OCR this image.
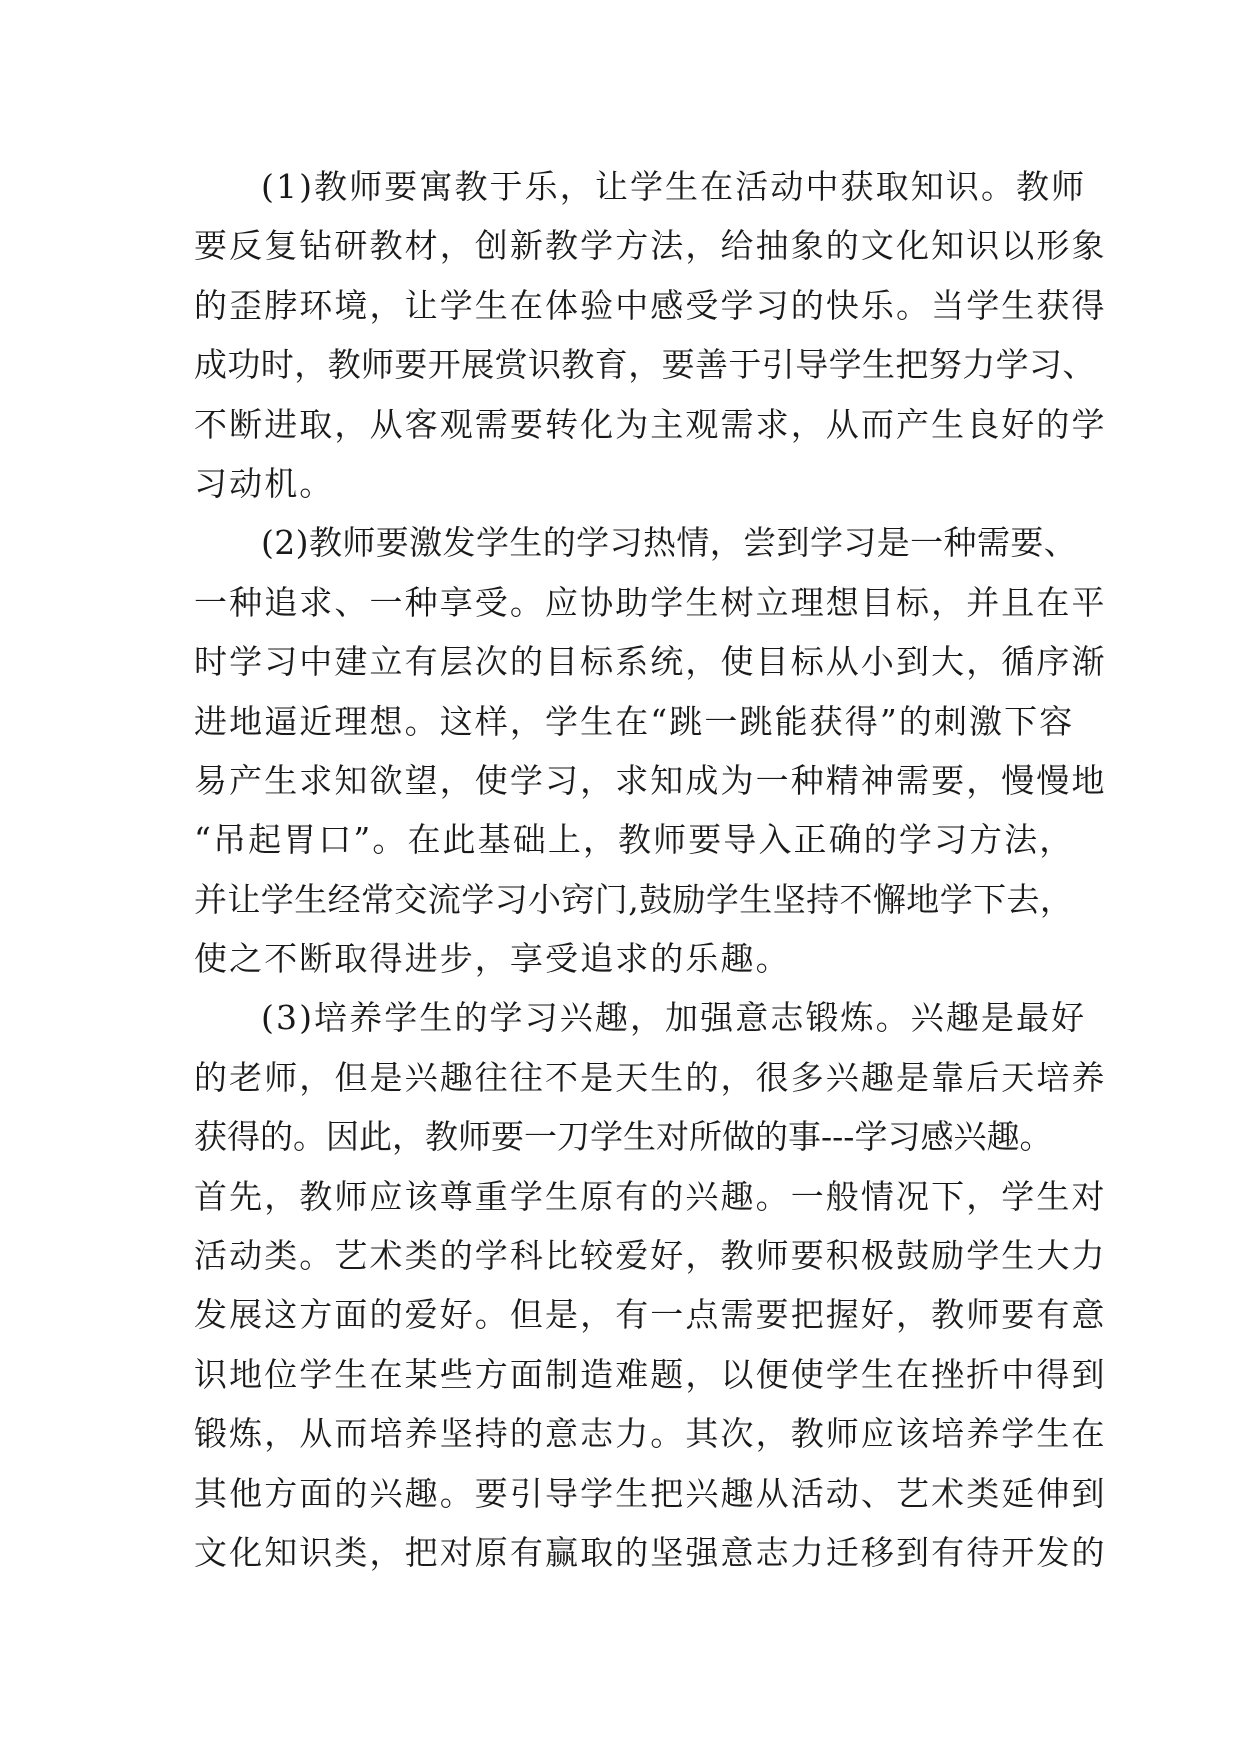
(1)教师要寓教于乐，让学生在活动中获取知识。教师
要反复钻研教材，创新教学方法，给抽象的文化知识以形象
的歪脖环境，让学生在体验中感受学习的快乐。当学生获得
成功时，教师要开展赏识教育，要善于引导学生把努力学习、
不断进取，从客观需要转化为主观需求，从而产生良好的学
习动机。
(2)教师要激发学生的学习热情，尝到学习是一种需要、
一种追求、一种享受。应协助学生树立理想目标，并且在平
时学习中建立有层次的目标系统，使目标从小到大，循序渐
进地逼近理想。这样，学生在“跳一跳能获得”的刺激下容
易产生求知欲望，使学习，求知成为一种精神需要，慢慢地
“吊起胃口”。在此基础上，教师要导入正确的学习方法，
并让学生经常交流学习小窍门,鼓励学生坚持不懈地学下去，
使之不断取得进步，享受追求的乐趣。
(3)培养学生的学习兴趣，加强意志锻炼。兴趣是最好
的老师，但是兴趣往往不是天生的，很多兴趣是靠后天培养
获得的。因此，教师要一刀学生对所做的事---学习感兴趣。
首先，教师应该尊重学生原有的兴趣。一般情况下，学生对
活动类。艺术类的学科比较爱好，教师要积极鼓励学生大力
发展这方面的爱好。但是，有一点需要把握好，教师要有意
识地位学生在某些方面制造难题，以便使学生在挫折中得到
锻炼，从而培养坚持的意志力。其次，教师应该培养学生在
其他方面的兴趣。要引导学生把兴趣从活动、艺术类延伸到
文化知识类，把对原有赢取的坚强意志力迁移到有待开发的
